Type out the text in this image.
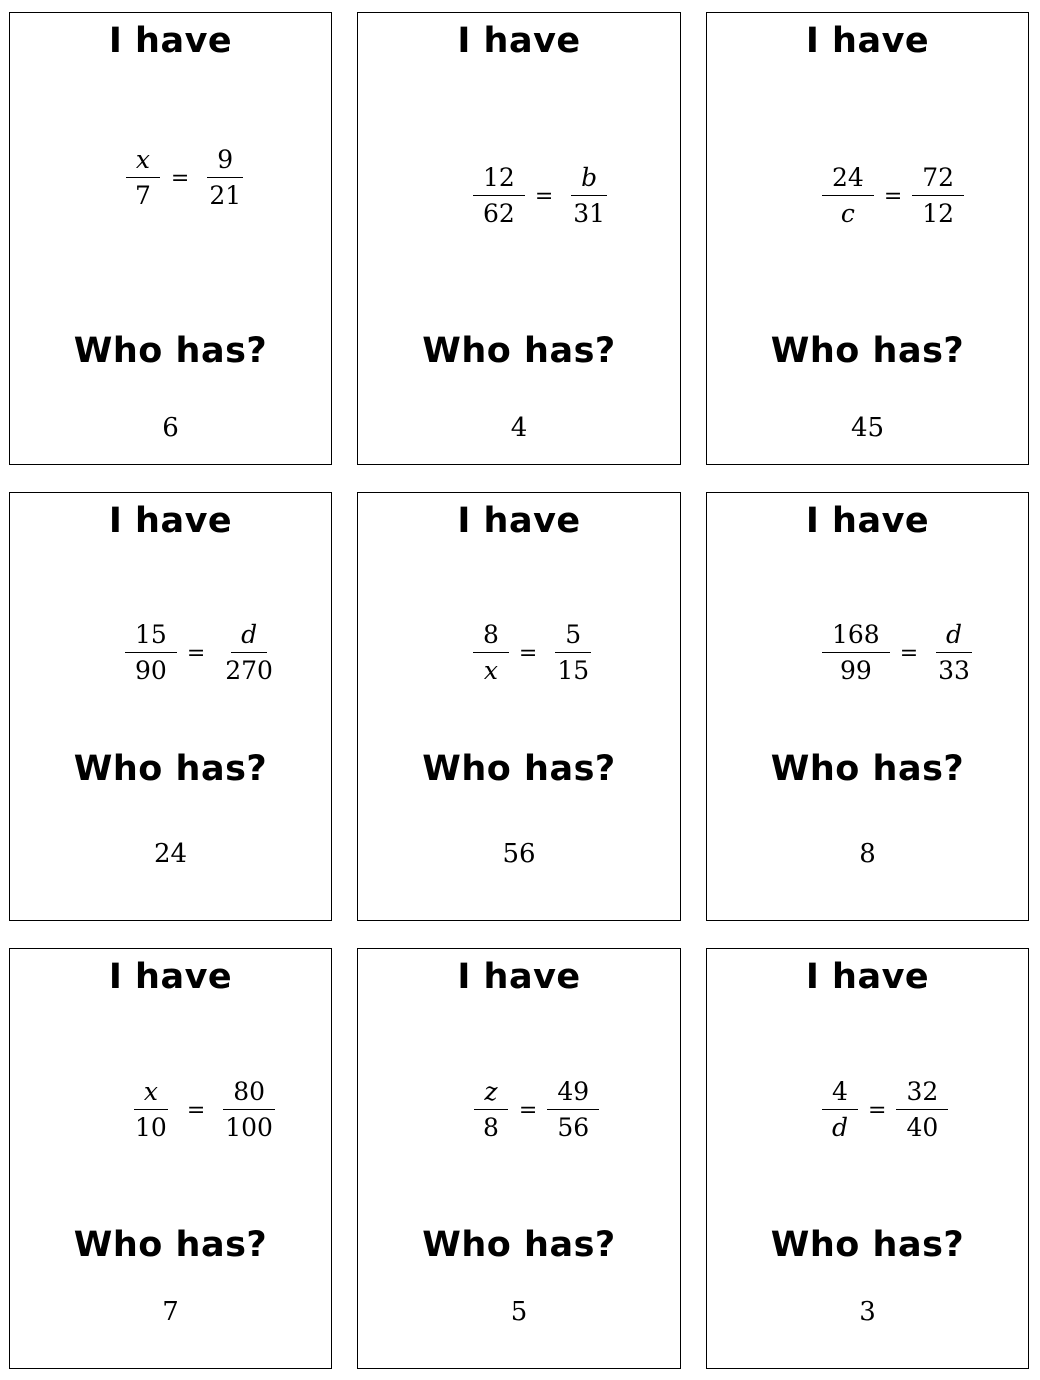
I have
$\frac{x}{7} = \frac{9}{21}$
Who has?
6
I have
$\frac{12}{62} = \frac{b}{31}$
Who has?
4
I have
$\frac{24}{c} = \frac{72}{12}$
Who has?
45
I have
$\frac{15}{90} = \frac{d}{270}$
Who has?
24
I have
$\frac{8}{x} = \frac{5}{15}$
Who has?
56
I have
$\frac{168}{99} = \frac{d}{33}$
Who has?
8
I have
$\frac{x}{10} = \frac{80}{100}$
Who has?
7
I have
$\frac{z}{8} = \frac{49}{56}$
Who has?
5
I have
$\frac{4}{d} = \frac{32}{40}$
Who has?
3
